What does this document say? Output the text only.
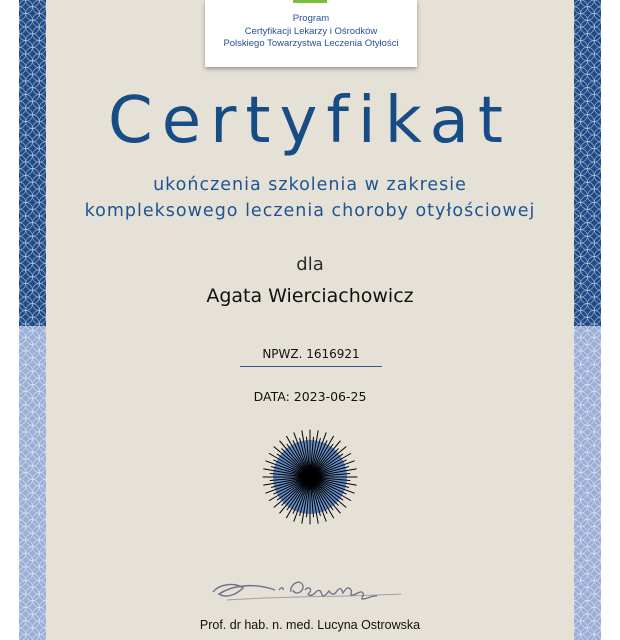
Program
Certyfikacji Lekarzy i Ośrodków
Polskiego Towarzystwa Leczenia Otyłości
Certyfikat
ukończenia szkolenia w zakresie
kompleksowego leczenia choroby otyłościowej
dla
Agata Wierciachowicz
NPWZ. 1616921
DATA: 2023-06-25
Prof. dr hab. n. med. Lucyna Ostrowska
